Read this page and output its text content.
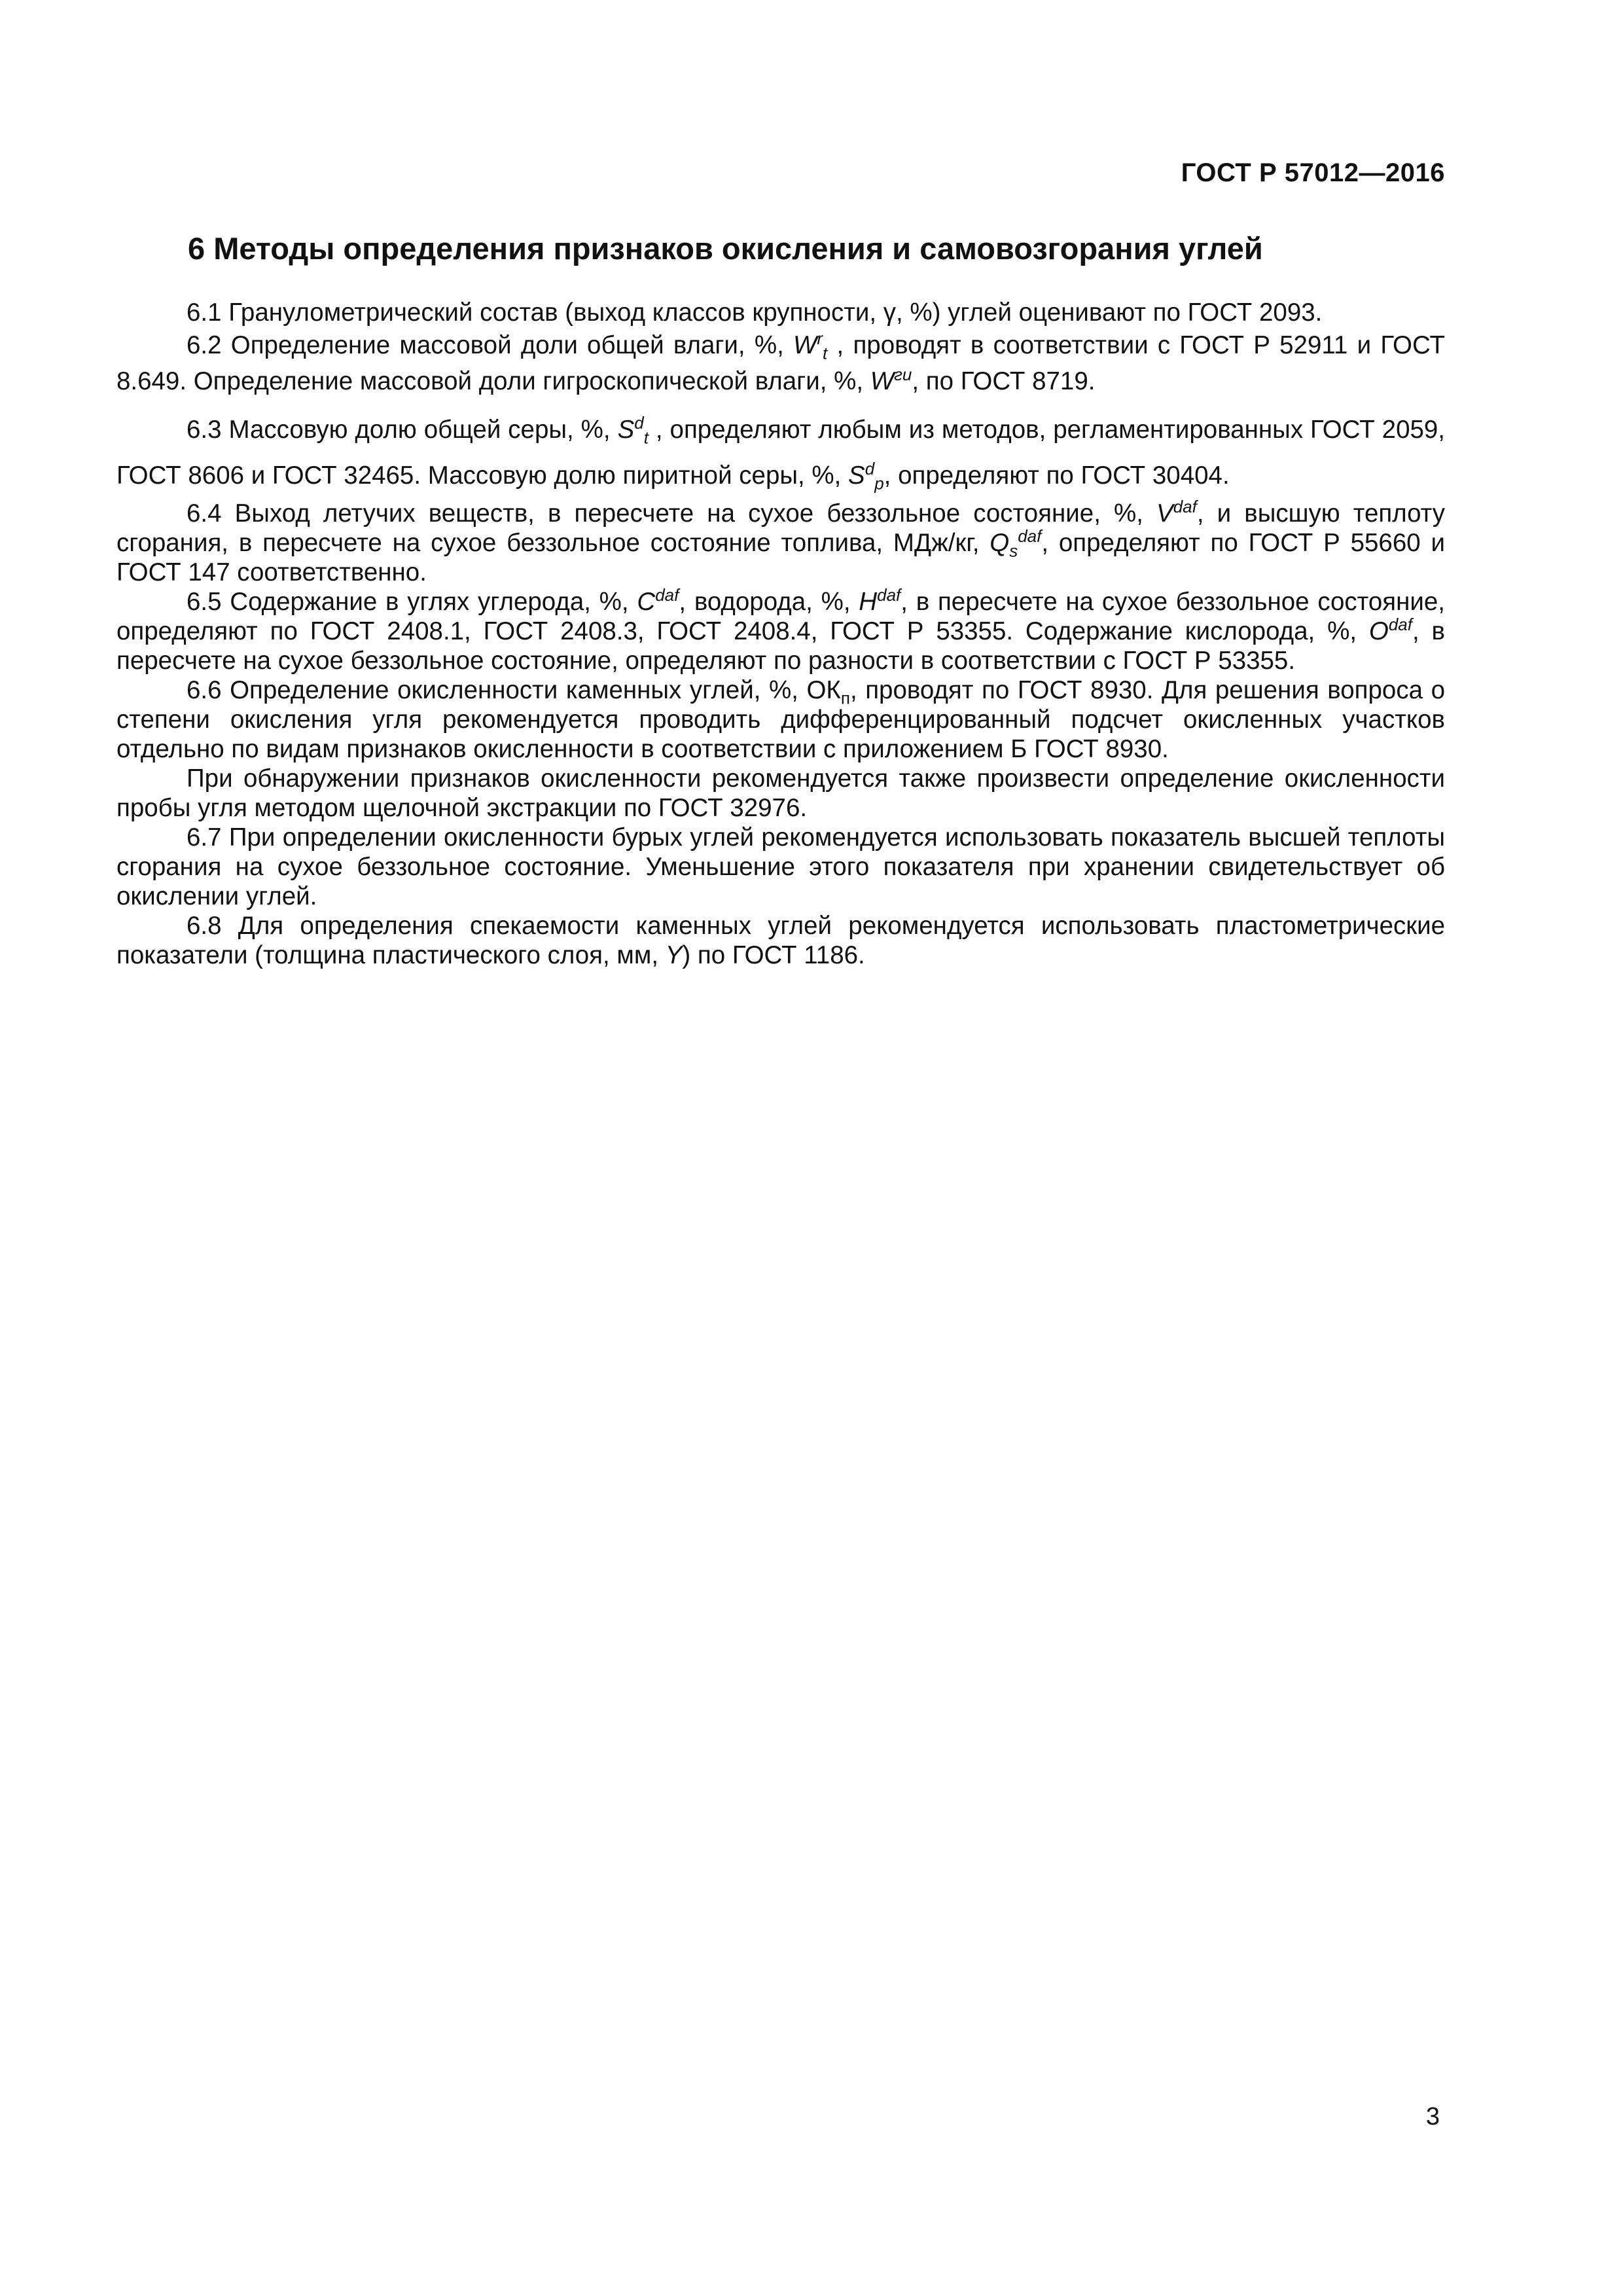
ГОСТ Р 57012—2016
6 Методы определения признаков окисления и самовозгорания углей

6.1 Гранулометрический состав (выход классов крупности, γ, %) углей оценивают по ГОСТ 2093.

6.2 Определение массовой доли общей влаги, %, $W^r_t$ , проводят в соответствии с ГОСТ Р 52911 и ГОСТ 8.649. Определение массовой доли гигроскопической влаги, %, $W^{ги}$, по ГОСТ 8719.

6.3 Массовую долю общей серы, %, $S^d_t$ , определяют любым из методов, регламентированных ГОСТ 2059, ГОСТ 8606 и ГОСТ 32465. Массовую долю пиритной серы, %, $S^d_p$, определяют по ГОСТ 30404.

6.4 Выход летучих веществ, в пересчете на сухое беззольное состояние, %, $V^{daf}$, и высшую теплоту сгорания, в пересчете на сухое беззольное состояние топлива, МДж/кг, $Q_s^{daf}$, определяют по ГОСТ Р 55660 и ГОСТ 147 соответственно.

6.5 Содержание в углях углерода, %, $C^{daf}$, водорода, %, $H^{daf}$, в пересчете на сухое беззольное состояние, определяют по ГОСТ 2408.1, ГОСТ 2408.3, ГОСТ 2408.4, ГОСТ Р 53355. Содержание кислорода, %, $O^{daf}$, в пересчете на сухое беззольное состояние, определяют по разности в соответствии с ГОСТ Р 53355.

6.6 Определение окисленности каменных углей, %, $ОК_п$, проводят по ГОСТ 8930. Для решения вопроса о степени окисления угля рекомендуется проводить дифференцированный подсчет окисленных участков отдельно по видам признаков окисленности в соответствии с приложением Б ГОСТ 8930.

При обнаружении признаков окисленности рекомендуется также произвести определение окисленности пробы угля методом щелочной экстракции по ГОСТ 32976.

6.7 При определении окисленности бурых углей рекомендуется использовать показатель высшей теплоты сгорания на сухое беззольное состояние. Уменьшение этого показателя при хранении свидетельствует об окислении углей.

6.8 Для определения спекаемости каменных углей рекомендуется использовать пластометрические показатели (толщина пластического слоя, мм, Y) по ГОСТ 1186.

3
